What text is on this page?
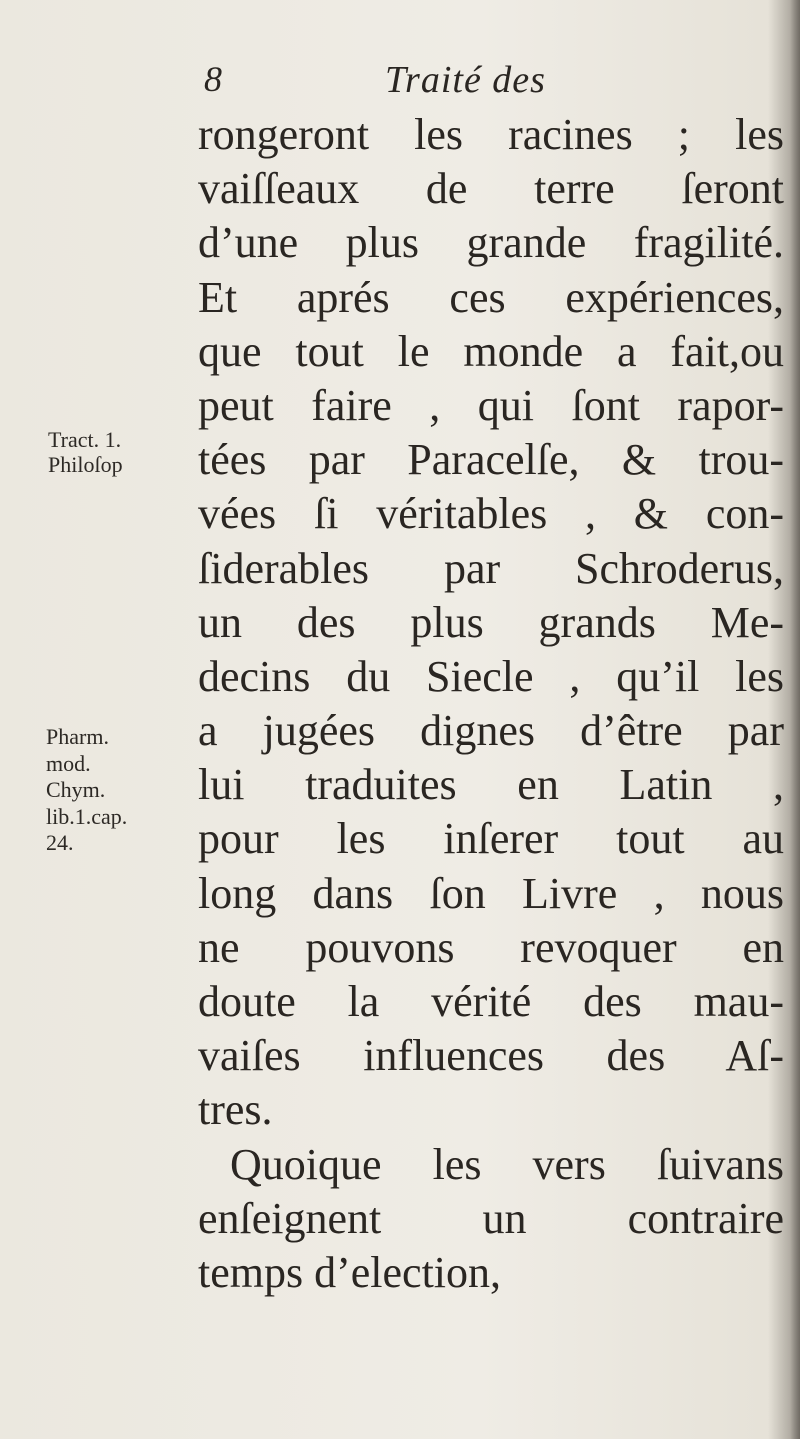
8	Traité des
rongeront les racines ; les
vaiſſeaux de terre ſeront
d’une plus grande fragilité.
Et aprés ces expériences,
que tout le monde a fait,ou
peut faire , qui ſont rapor-
tées par Paracelſe, & trou-
vées ſi véritables , & con-
ſiderables par Schroderus,
un des plus grands Me-
decins du Siecle , qu’il les
a jugées dignes d’être par
lui traduites en Latin ,
pour les inſerer tout au
long dans ſon Livre , nous
ne pouvons revoquer en
doute la vérité des mau-
vaiſes influences des Aſ-
tres.
Quoique les vers ſuivans
enſeignent un contraire
temps d’election,
Tract. 1.
Philoſop
Pharm.
mod.
Chym.
lib.1.cap.
24.
